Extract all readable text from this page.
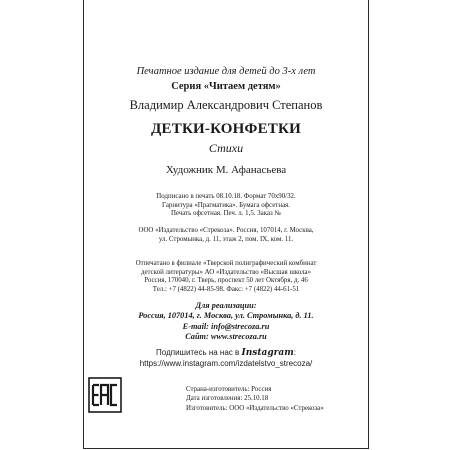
Печатное издание для детей до 3-х лет
Серия «Читаем детям»
Владимир Александрович Степанов
ДЕТКИ-КОНФЕТКИ
Стихи
Художник М. Афанасьева
Подписано в печать 08.10.18. Формат 70х90/32.
Гарнитура «Прагматика». Бумага офсетная.
Печать офсетная. Печ. л. 1,5. Заказ №
ООО «Издательство «Стрекоза». Россия, 107014, г. Москва,
ул. Стромынка, д. 11, этаж 2, пом. IX, ком. 11.
Отпечатано в филиале «Тверской полиграфический комбинат
детской литературы» АО «Издательство «Высшая школа»
Россия, 170040, г. Тверь, проспект 50 лет Октября, д. 46
Тел.: +7 (4822) 44-85-98. Факс: +7 (4822) 44-61-51
Для реализации:
Россия, 107014, г. Москва, ул. Стромынка, д. 11.
E-mail: info@strecoza.ru
Сайт: www.strecoza.ru
Подпишитесь на нас в Instagram:
https://www.instagram.com/izdatelstvo_strecoza/
Страна-изготовитель: Россия
Дата изготовления: 25.10.18
Изготовитель: ООО «Издательство «Стрекоза»
